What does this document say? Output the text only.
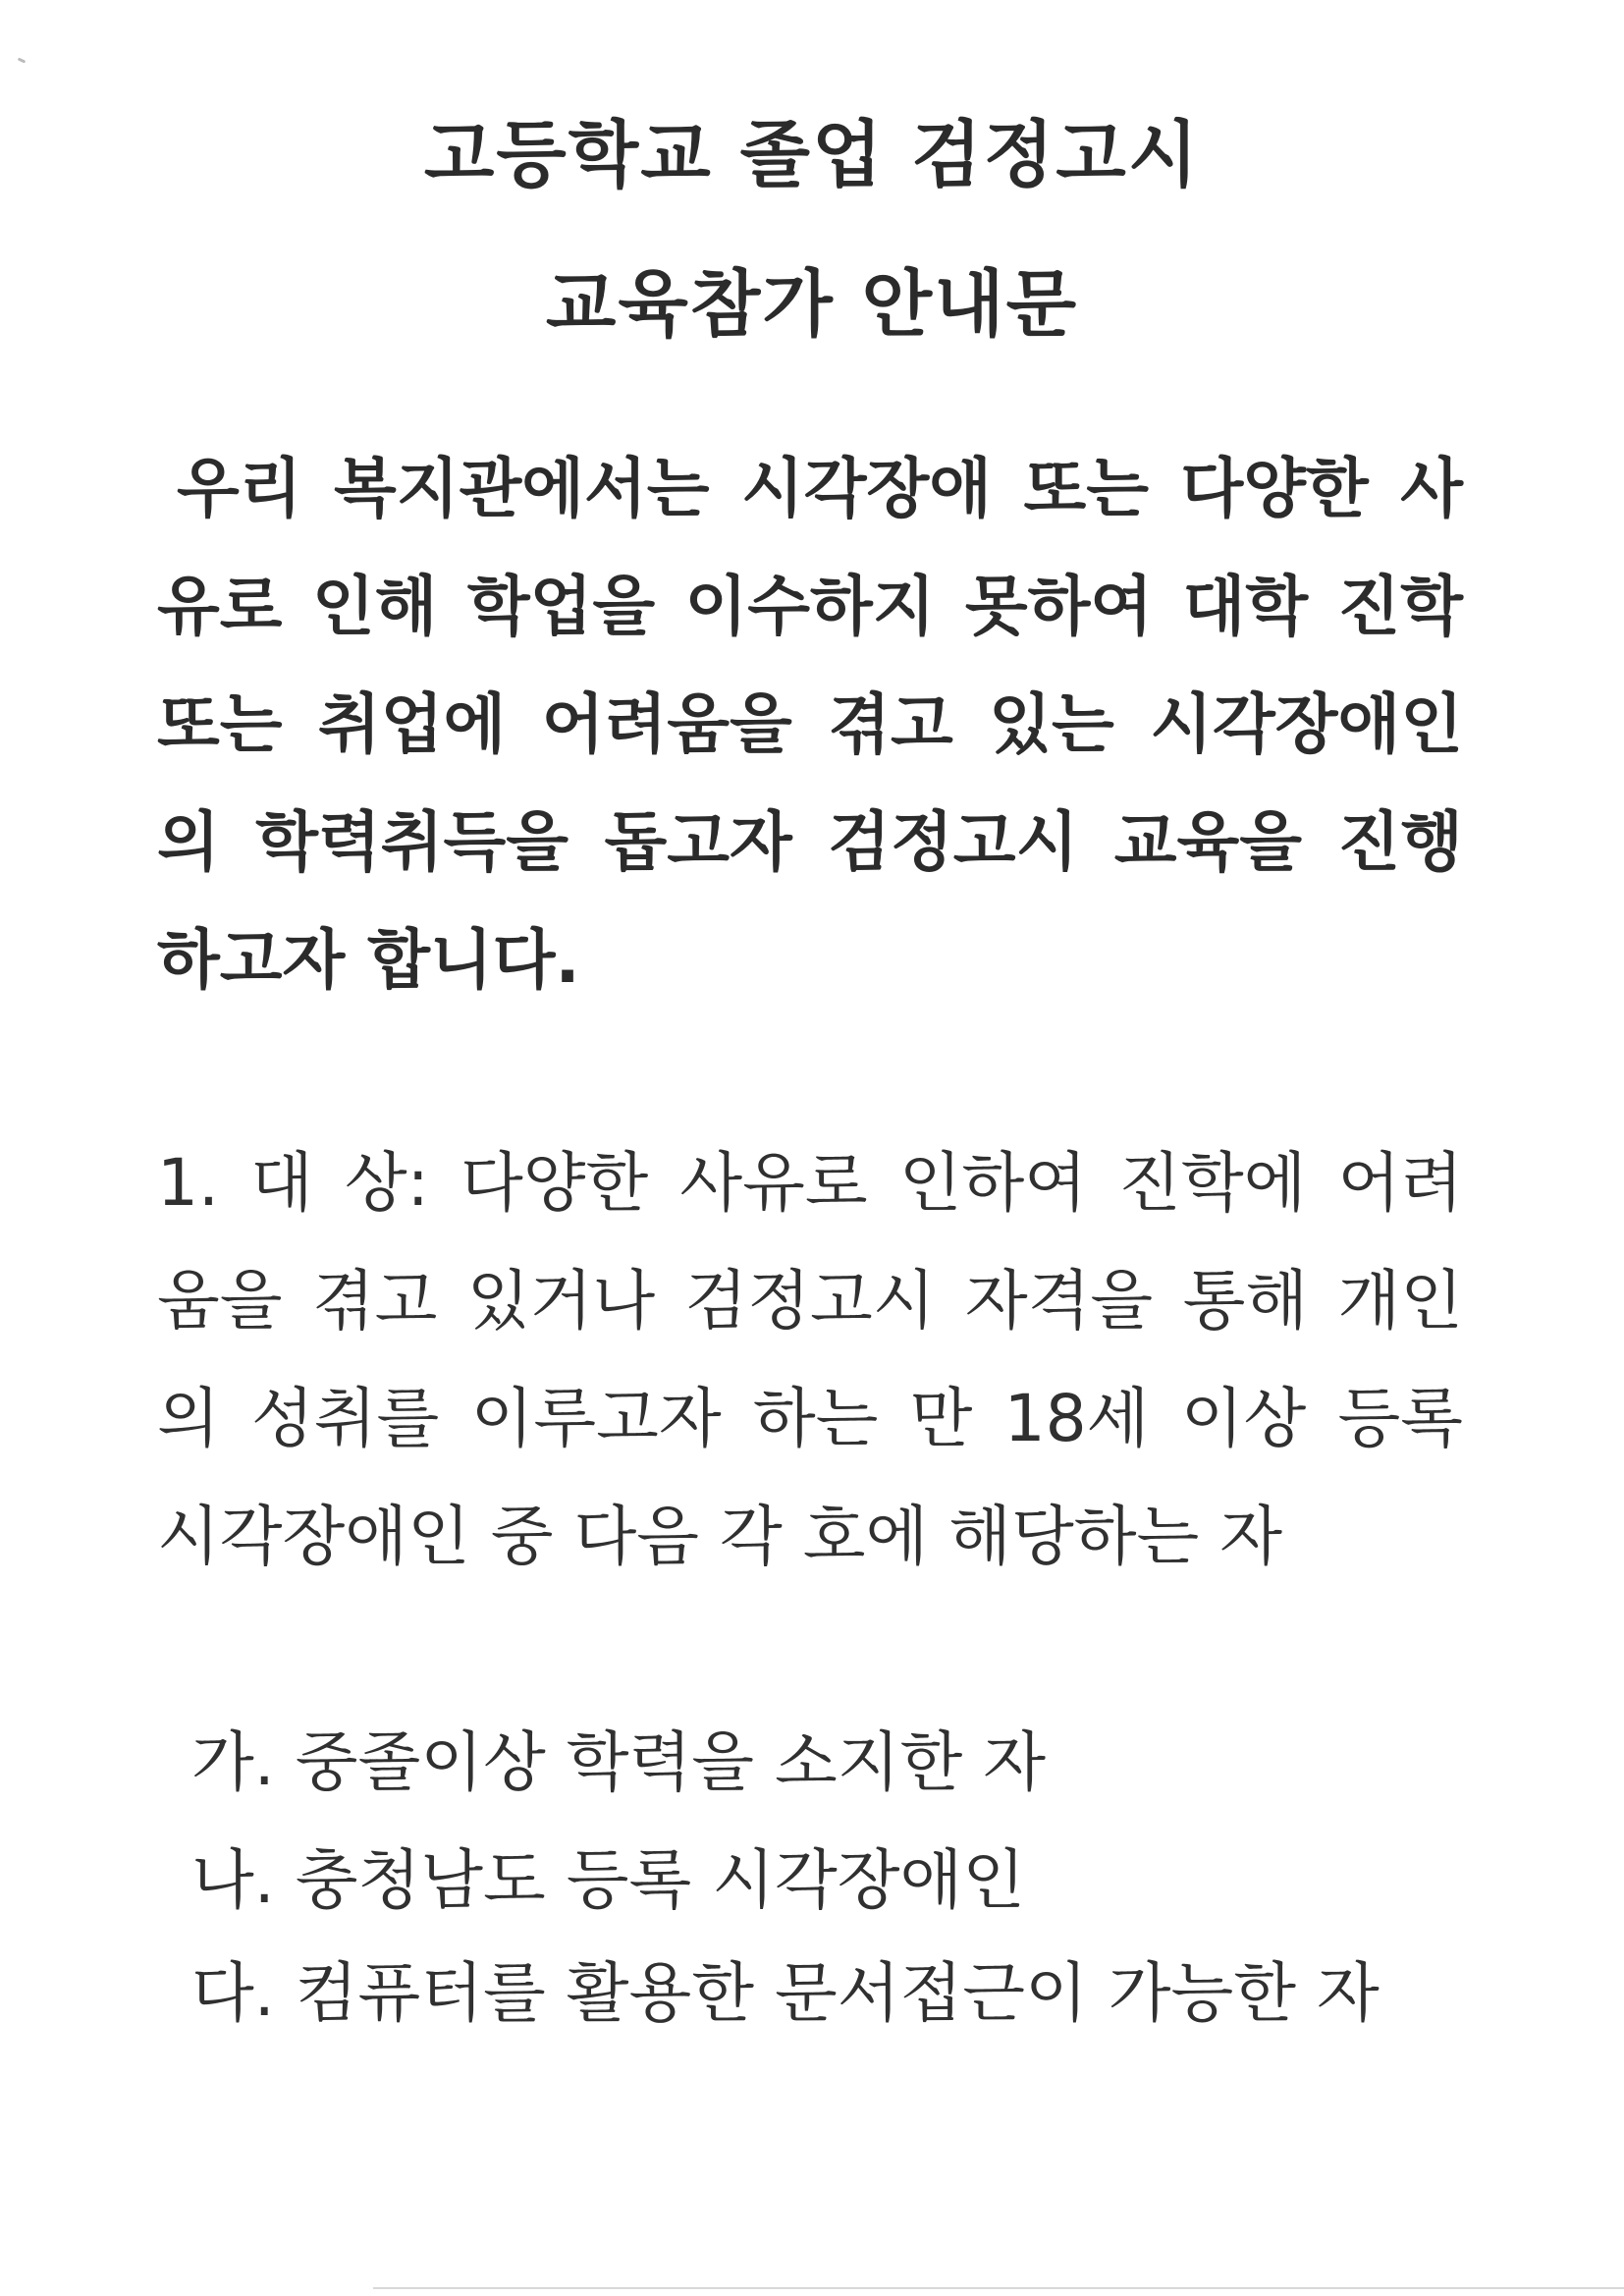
고등학교 졸업 검정고시
교육참가 안내문

우리 복지관에서는 시각장애 또는 다양한 사

유로 인해 학업을 이수하지 못하여 대학 진학

또는 취업에 어려움을 겪고 있는 시각장애인

의 학력취득을 돕고자 검정고시 교육을 진행

하고자 합니다.

1. 대 상: 다양한 사유로 인하여 진학에 어려

움을 겪고 있거나 검정고시 자격을 통해 개인

의 성취를 이루고자 하는 만 18세 이상 등록

시각장애인 중 다음 각 호에 해당하는 자

가. 중졸이상 학력을 소지한 자

나. 충청남도 등록 시각장애인

다. 컴퓨터를 활용한 문서접근이 가능한 자
